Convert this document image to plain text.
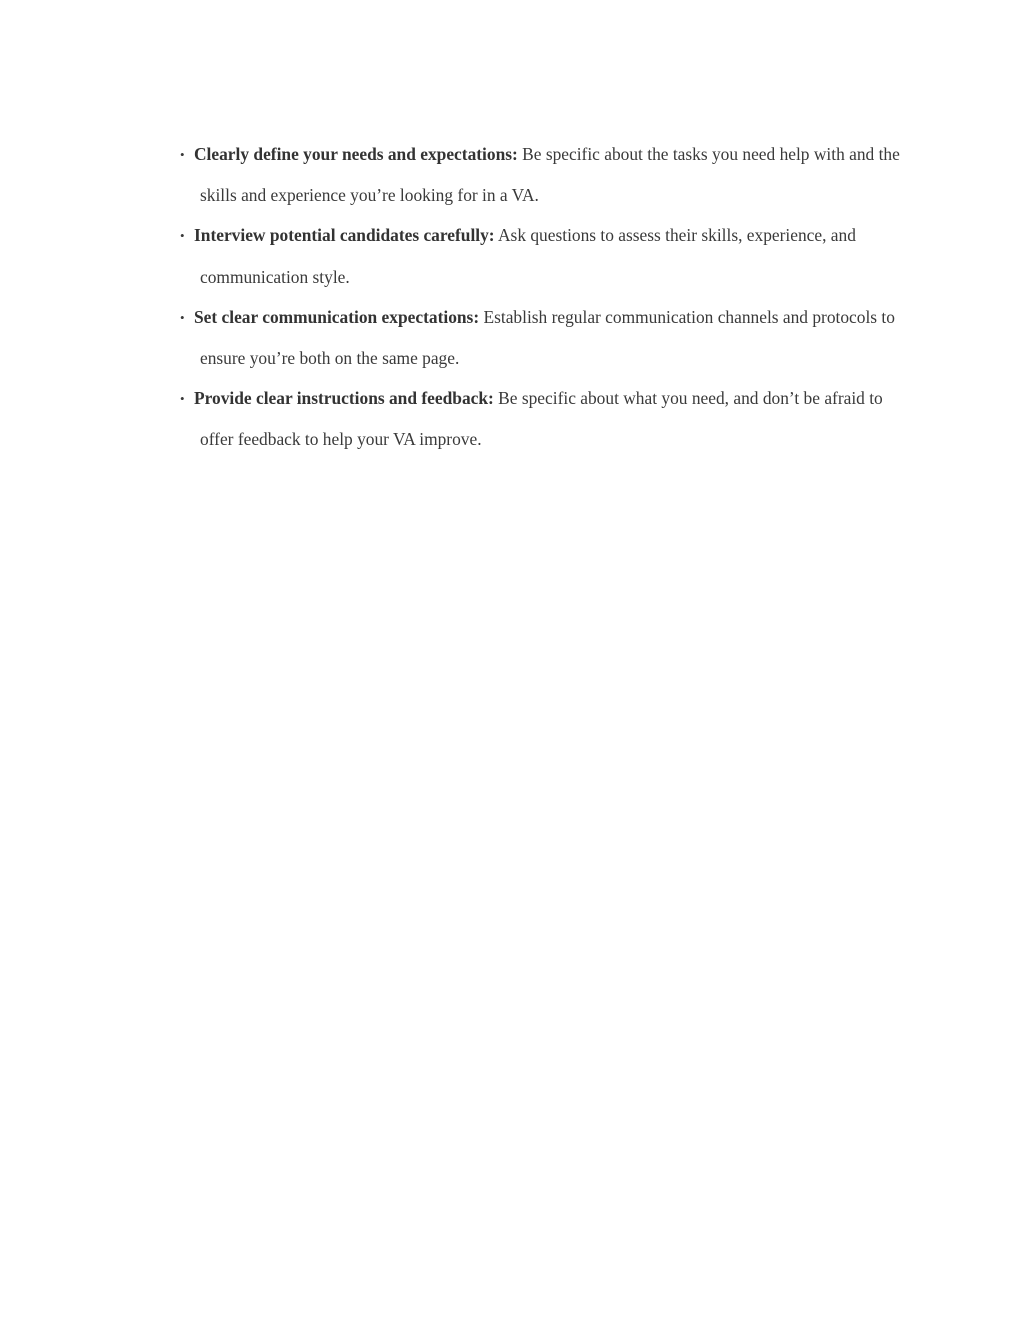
• Clearly define your needs and expectations: Be specific about the tasks you need help with and the skills and experience you’re looking for in a VA.
• Interview potential candidates carefully: Ask questions to assess their skills, experience, and communication style.
• Set clear communication expectations: Establish regular communication channels and protocols to ensure you’re both on the same page.
• Provide clear instructions and feedback: Be specific about what you need, and don’t be afraid to offer feedback to help your VA improve.
